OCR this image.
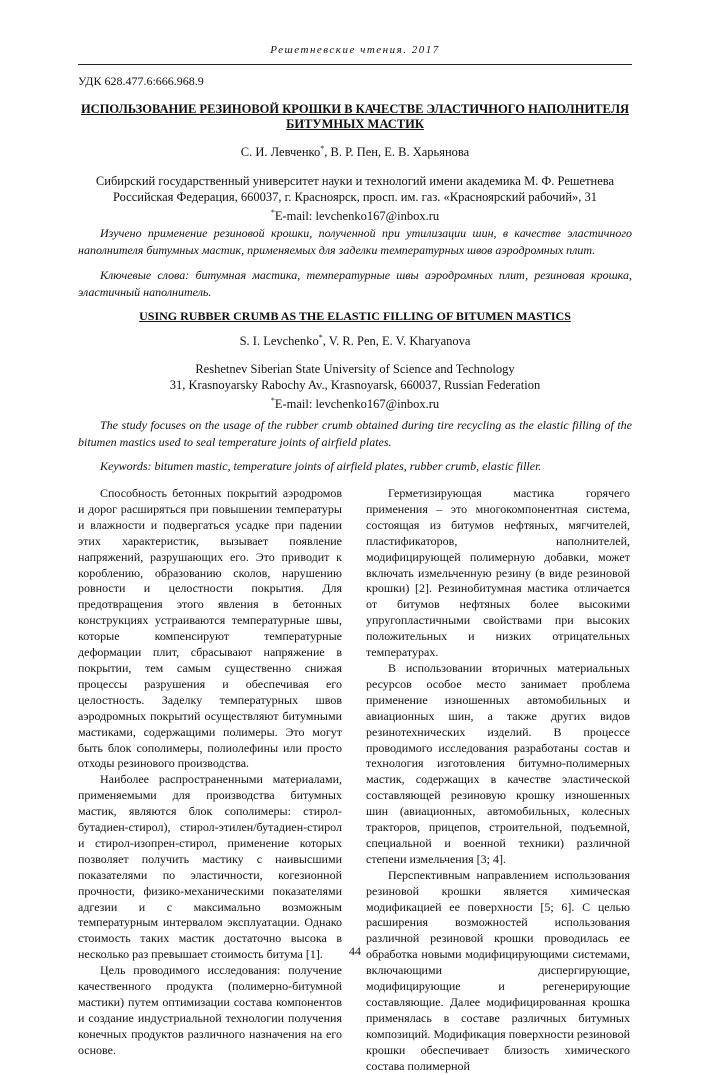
Решетневские чтения. 2017
УДК 628.477.6:666.968.9
ИСПОЛЬЗОВАНИЕ РЕЗИНОВОЙ КРОШКИ В КАЧЕСТВЕ ЭЛАСТИЧНОГО НАПОЛНИТЕЛЯ
БИТУМНЫХ МАСТИК
С. И. Левченко*, В. Р. Пен, Е. В. Харьянова
Сибирский государственный университет науки и технологий имени академика М. Ф. Решетнева
Российская Федерация, 660037, г. Красноярск, просп. им. газ. «Красноярский рабочий», 31
*E-mail: levchenko167@inbox.ru

Изучено применение резиновой крошки, полученной при утилизации шин, в качестве эластичного наполнителя битумных мастик, применяемых для заделки температурных швов аэродромных плит.

Ключевые слова: битумная мастика, температурные швы аэродромных плит, резиновая крошка, эластичный наполнитель.

USING RUBBER CRUMB AS THE ELASTIC FILLING OF BITUMEN MASTICS
S. I. Levchenko*, V. R. Pen, E. V. Kharyanova
Reshetnev Siberian State University of Science and Technology
31, Krasnoyarsky Rabochy Av., Krasnoyarsk, 660037, Russian Federation
*E-mail: levchenko167@inbox.ru

The study focuses on the usage of the rubber crumb obtained during tire recycling as the elastic filling of the bitumen mastics used to seal temperature joints of airfield plates.

Keywords: bitumen mastic, temperature joints of airfield plates, rubber crumb, elastic filler.

Способность бетонных покрытий аэродромов и дорог расширяться при повышении температуры и влажности и подвергаться усадке при падении этих характеристик, вызывает появление напряжений, разрушающих его. Это приводит к короблению, образованию сколов, нарушению ровности и целостности покрытия. Для предотвращения этого явления в бетонных конструкциях устраиваются температурные швы, которые компенсируют температурные деформации плит, сбрасывают напряжение в покрытии, тем самым существенно снижая процессы разрушения и обеспечивая его целостность. Заделку температурных швов аэродромных покрытий осуществляют битумными мастиками, содержащими полимеры. Это могут быть блок сополимеры, полиолефины или просто отходы резинового производства.

Наиболее распространенными материалами, применяемыми для производства битумных мастик, являются блок сополимеры: стирол-бутадиен-стирол), стирол-этилен/бутадиен-стирол и стирол-изопрен-стирол, применение которых позволяет получить мастику с наивысшими показателями по эластичности, когезионной прочности, физико-механическими показателями адгезии и с максимально возможным температурным интервалом эксплуатации. Однако стоимость таких мастик достаточно высока в несколько раз превышает стоимость битума [1].

Цель проводимого исследования: получение качественного продукта (полимерно-битумной мастики) путем оптимизации состава компонентов и создание индустриальной технологии получения конечных продуктов различного назначения на его основе.

Герметизирующая мастика горячего применения – это многокомпонентная система, состоящая из битумов нефтяных, мягчителей, пластификаторов, наполнителей, модифицирующей полимерную добавки, может включать измельченную резину (в виде резиновой крошки) [2]. Резинобитумная мастика отличается от битумов нефтяных более высокими упругопластичными свойствами при высоких положительных и низких отрицательных температурах.

В использовании вторичных материальных ресурсов особое место занимает проблема применение изношенных автомобильных и авиационных шин, а также других видов резинотехнических изделий. В процессе проводимого исследования разработаны состав и технология изготовления битумно-полимерных мастик, содержащих в качестве эластической составляющей резиновую крошку изношенных шин (авиационных, автомобильных, колесных тракторов, прицепов, строительной, подъемной, специальной и военной техники) различной степени измельчения [3; 4].

Перспективным направлением использования резиновой крошки является химическая модификацией ее поверхности [5; 6]. С целью расширения возможностей использования различной резиновой крошки проводилась ее обработка новыми модифицирующими системами, включающими диспергирующие, модифицирующие и регенерирующие составляющие. Далее модифицированная крошка применялась в составе различных битумных композиций. Модификация поверхности резиновой крошки обеспечивает близость химического состава полимерной

44
